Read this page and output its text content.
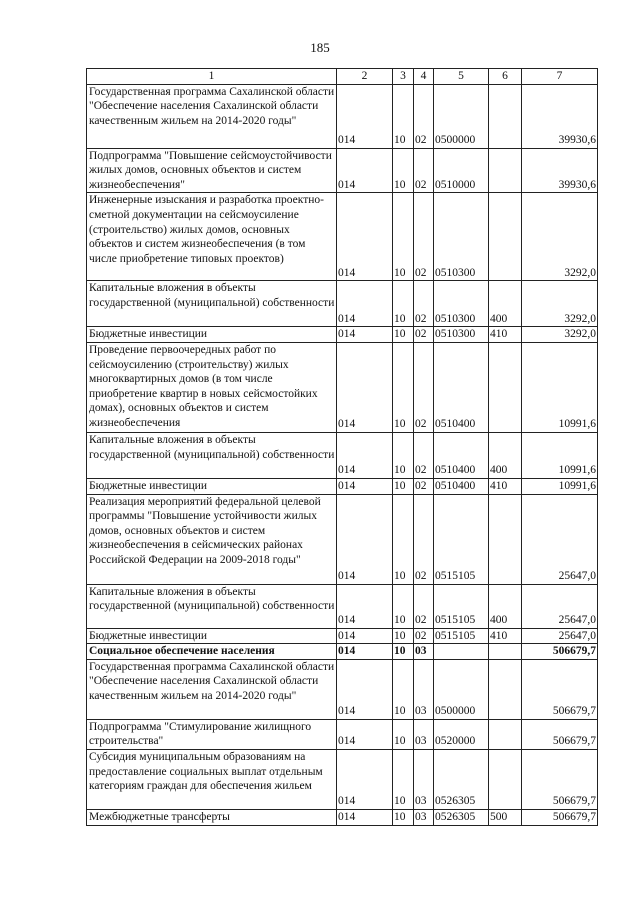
185
1	2	3	4	5	6	7
Государственная программа Сахалинской области "Обеспечение населения Сахалинской области качественным жильем на 2014-2020 годы"	014	10	02	0500000		39930,6
Подпрограмма "Повышение сейсмоустойчивости жилых домов, основных объектов и систем жизнеобеспечения"	014	10	02	0510000		39930,6
Инженерные изыскания и разработка проектно-сметной документации на сейсмоусиление (строительство) жилых домов, основных объектов и систем жизнеобеспечения (в том числе приобретение типовых проектов)	014	10	02	0510300		3292,0
Капитальные вложения в объекты государственной (муниципальной) собственности	014	10	02	0510300	400	3292,0
Бюджетные инвестиции	014	10	02	0510300	410	3292,0
Проведение первоочередных работ по сейсмоусилению (строительству) жилых многоквартирных домов (в том числе приобретение квартир в новых сейсмостойких домах), основных объектов и систем жизнеобеспечения	014	10	02	0510400		10991,6
Капитальные вложения в объекты государственной (муниципальной) собственности	014	10	02	0510400	400	10991,6
Бюджетные инвестиции	014	10	02	0510400	410	10991,6
Реализация мероприятий федеральной целевой программы "Повышение устойчивости жилых домов, основных объектов и систем жизнеобеспечения в сейсмических районах Российской Федерации на 2009-2018 годы"	014	10	02	0515105		25647,0
Капитальные вложения в объекты государственной (муниципальной) собственности	014	10	02	0515105	400	25647,0
Бюджетные инвестиции	014	10	02	0515105	410	25647,0
Социальное обеспечение населения	014	10	03			506679,7
Государственная программа Сахалинской области "Обеспечение населения Сахалинской области качественным жильем на 2014-2020 годы"	014	10	03	0500000		506679,7
Подпрограмма "Стимулирование жилищного строительства"	014	10	03	0520000		506679,7
Субсидия муниципальным образованиям на предоставление социальных выплат отдельным категориям граждан для обеспечения жильем	014	10	03	0526305		506679,7
Межбюджетные трансферты	014	10	03	0526305	500	506679,7
